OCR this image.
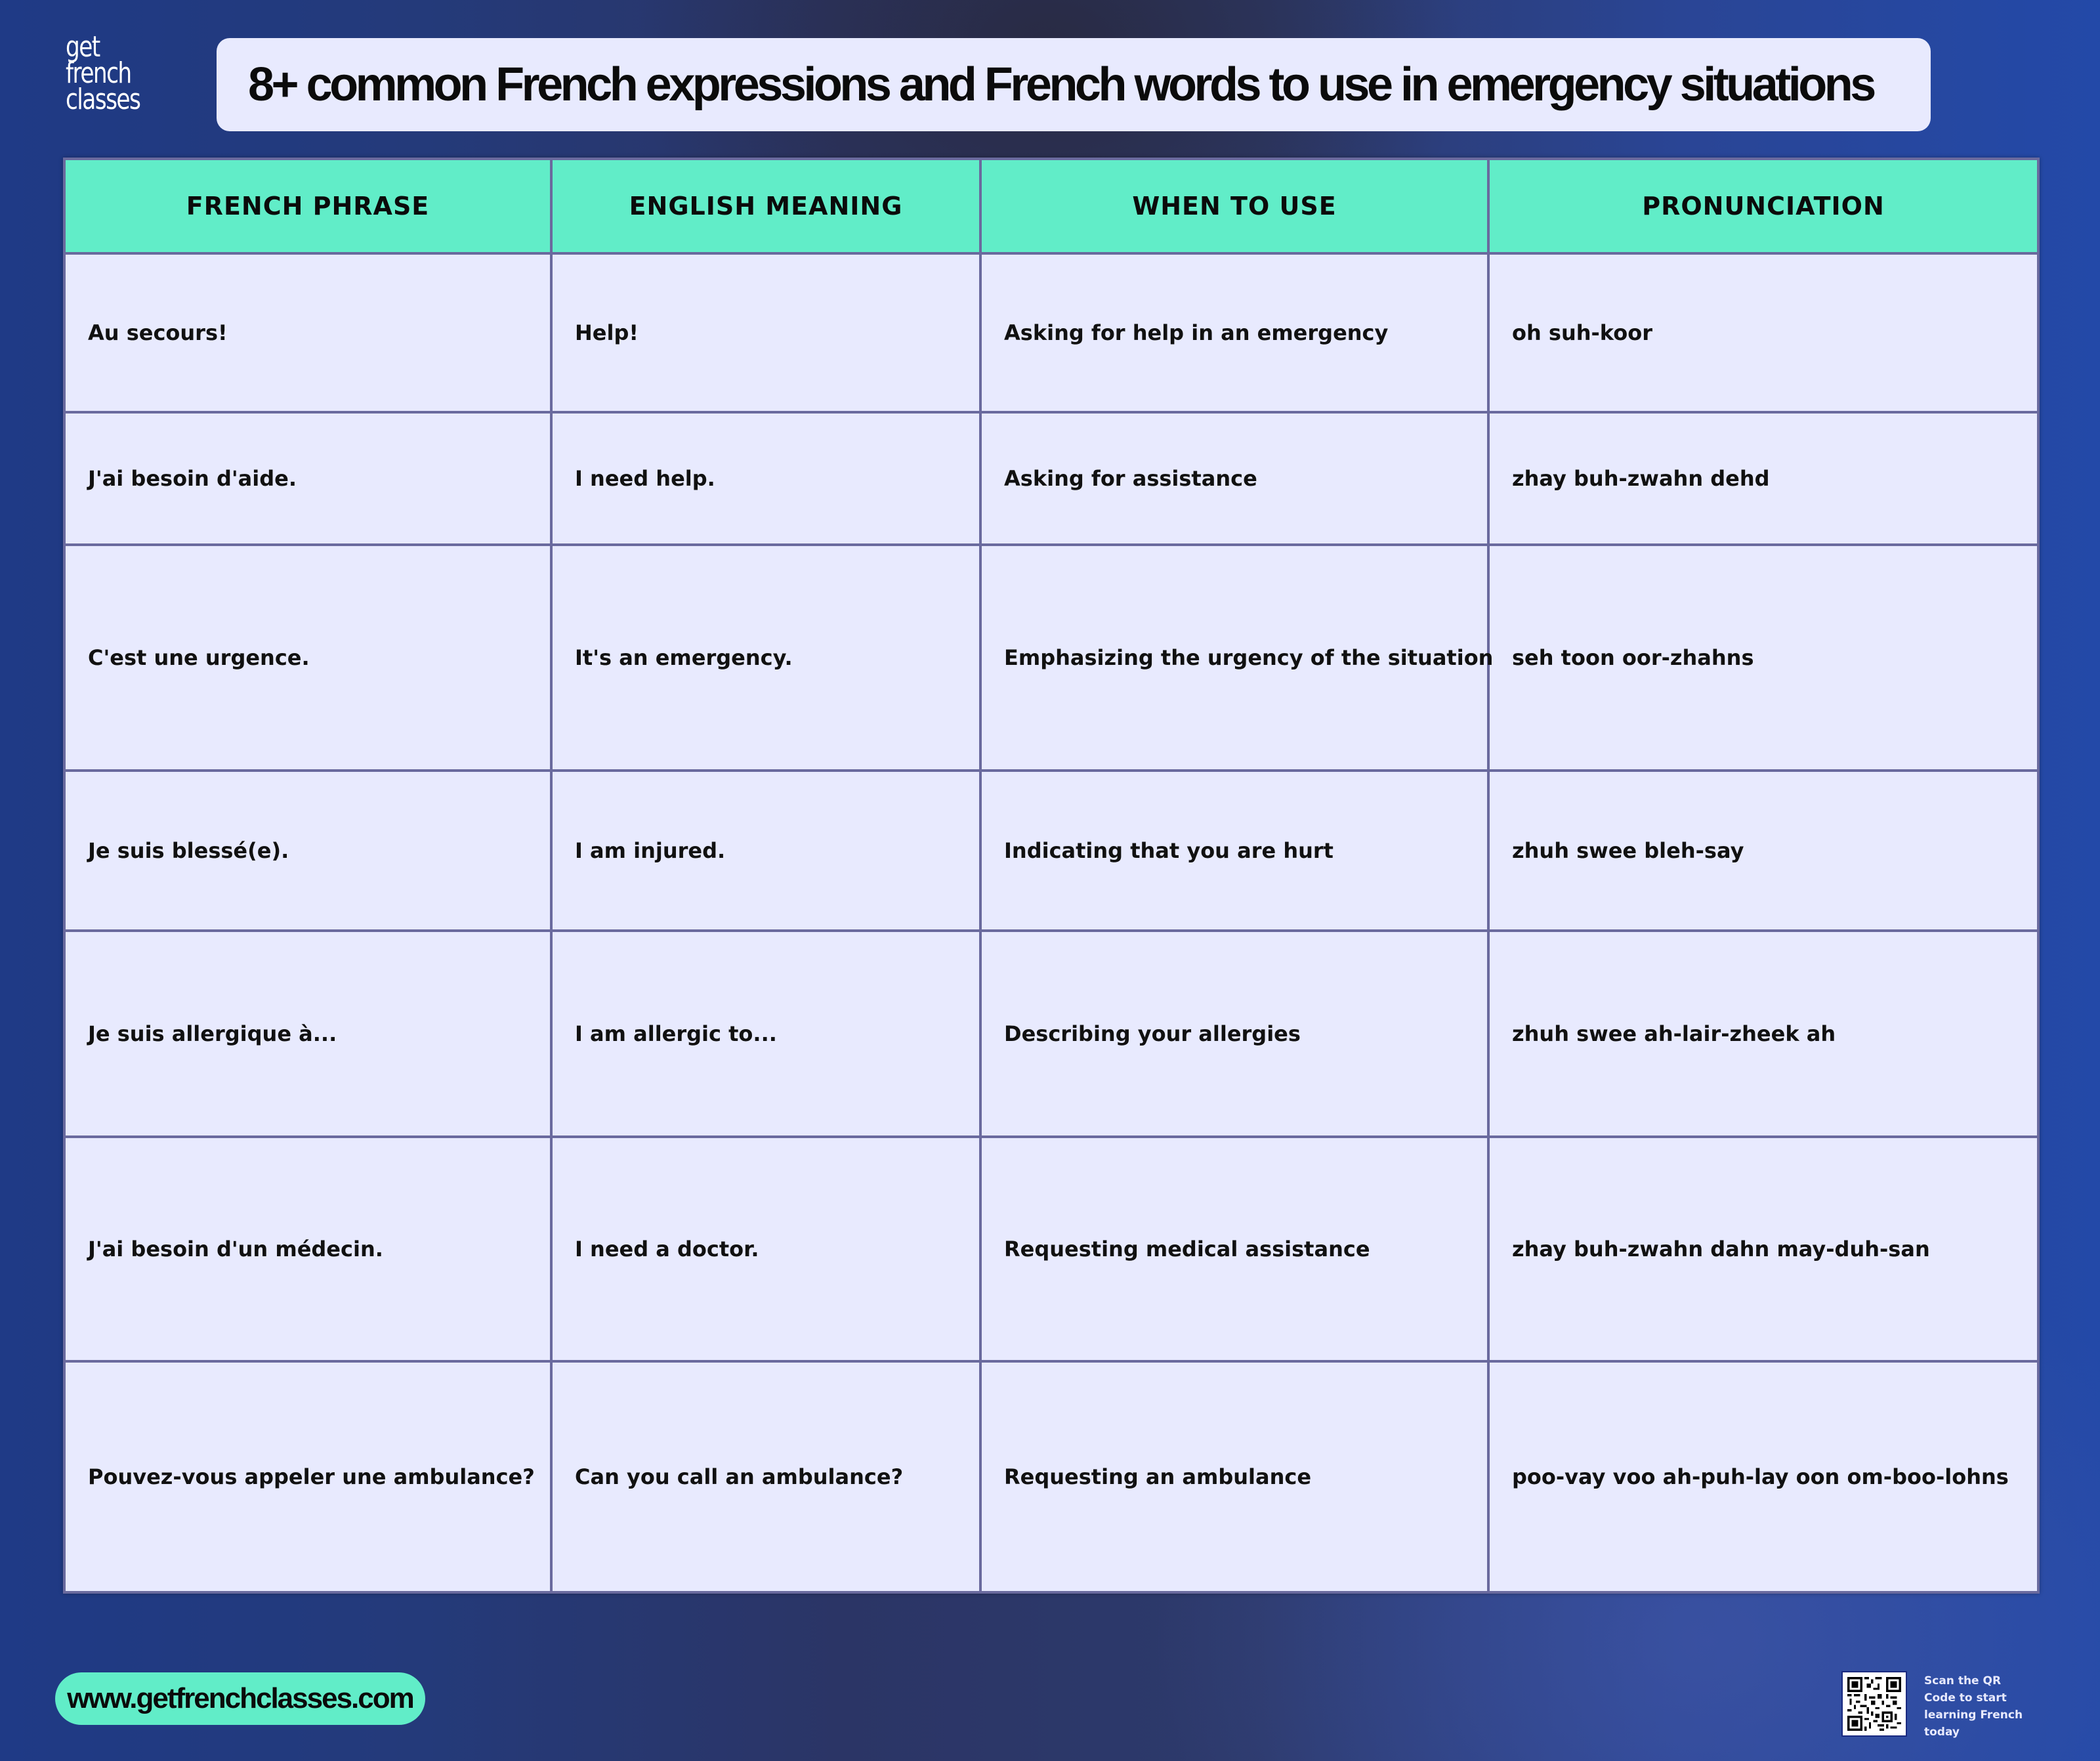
get
french
classes 8+ common French expressions and French words to use in emergency situations
FRENCH PHRASE	ENGLISH MEANING	WHEN TO USE	PRONUNCIATION
Au secours!	Help!	Asking for help in an emergency	oh suh-koor
J'ai besoin d'aide.	I need help.	Asking for assistance	zhay buh-zwahn dehd
C'est une urgence.	It's an emergency.	Emphasizing the urgency of the situation	seh toon oor-zhahns
Je suis blessé(e).	I am injured.	Indicating that you are hurt	zhuh swee bleh-say
Je suis allergique à...	I am allergic to...	Describing your allergies	zhuh swee ah-lair-zheek ah
J'ai besoin d'un médecin.	I need a doctor.	Requesting medical assistance	zhay buh-zwahn dahn may-duh-san
Pouvez-vous appeler une ambulance?	Can you call an ambulance?	Requesting an ambulance	poo-vay voo ah-puh-lay oon om-boo-lohns
www.getfrenchclasses.com
Scan the QR
Code to start
learning French
today
